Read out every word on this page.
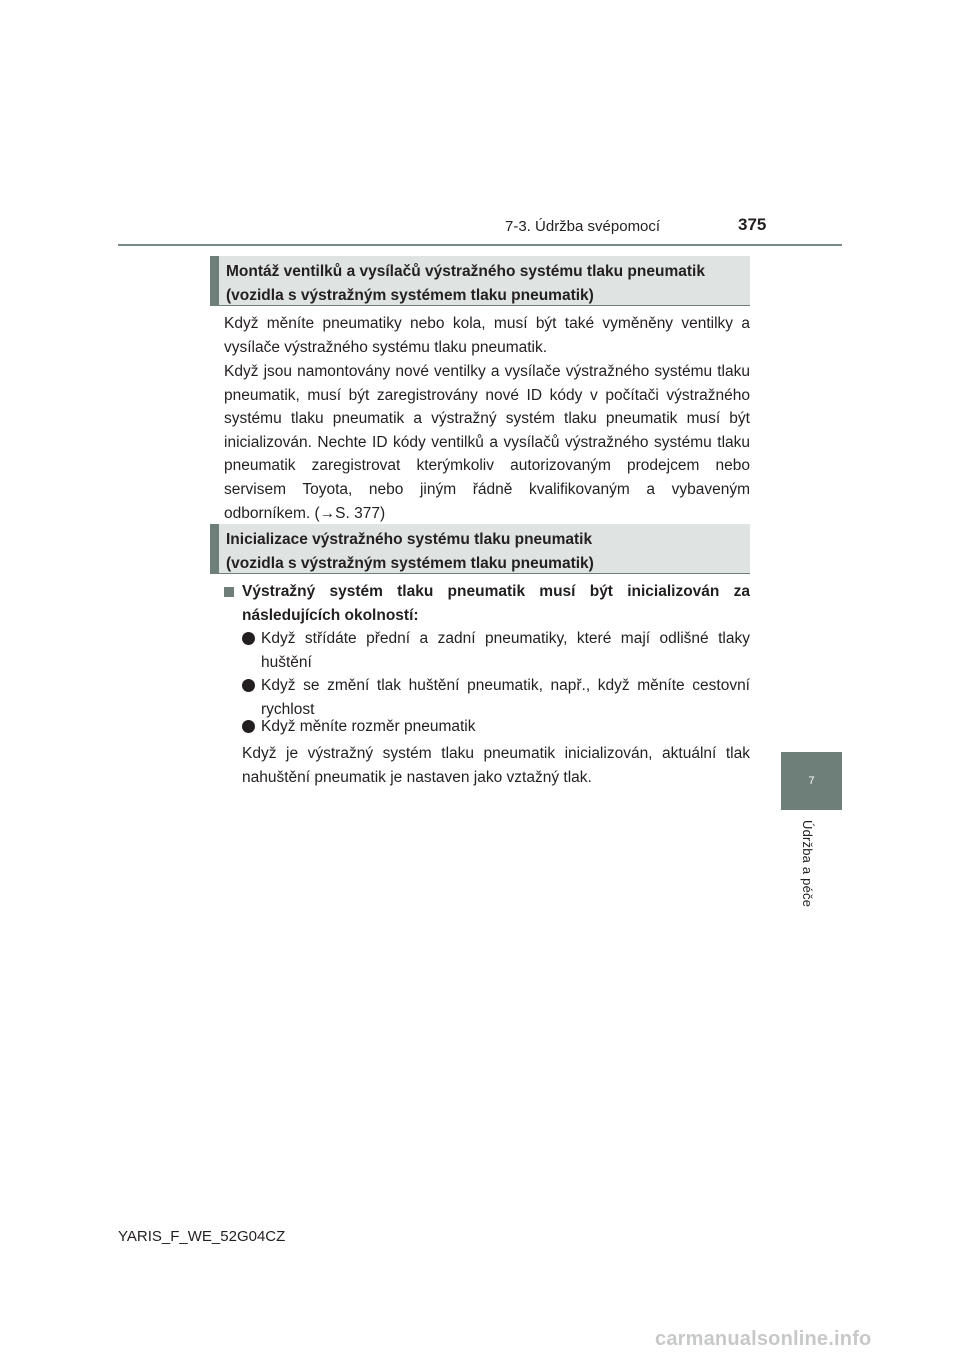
7-3. Údržba svépomocí	375
7
Údržba a péče
Montáž ventilků a vysílačů výstražného systému tlaku pneumatik
(vozidla s výstražným systémem tlaku pneumatik)

Když měníte pneumatiky nebo kola, musí být také vyměněny ventilky a vysílače výstražného systému tlaku pneumatik.

Když jsou namontovány nové ventilky a vysílače výstražného systému tlaku pneumatik, musí být zaregistrovány nové ID kódy v počítači výstražného systému tlaku pneumatik a výstražný systém tlaku pneumatik musí být inicializován. Nechte ID kódy ventilků a vysílačů výstražného systému tlaku pneumatik zaregistrovat kterýmkoliv autorizovaným prodejcem nebo servisem Toyota, nebo jiným řádně kvalifikovaným a vybaveným odborníkem. (→S. 377)

Inicializace výstražného systému tlaku pneumatik
(vozidla s výstražným systémem tlaku pneumatik)
Výstražný systém tlaku pneumatik musí být inicializován za následujících okolností:
Když střídáte přední a zadní pneumatiky, které mají odlišné tlaky huštění
Když se změní tlak huštění pneumatik, např., když měníte cestovní rychlost
Když měníte rozměr pneumatik

Když je výstražný systém tlaku pneumatik inicializován, aktuální tlak nahuštění pneumatik je nastaven jako vztažný tlak.

YARIS_F_WE_52G04CZ
carmanualsonline.info
